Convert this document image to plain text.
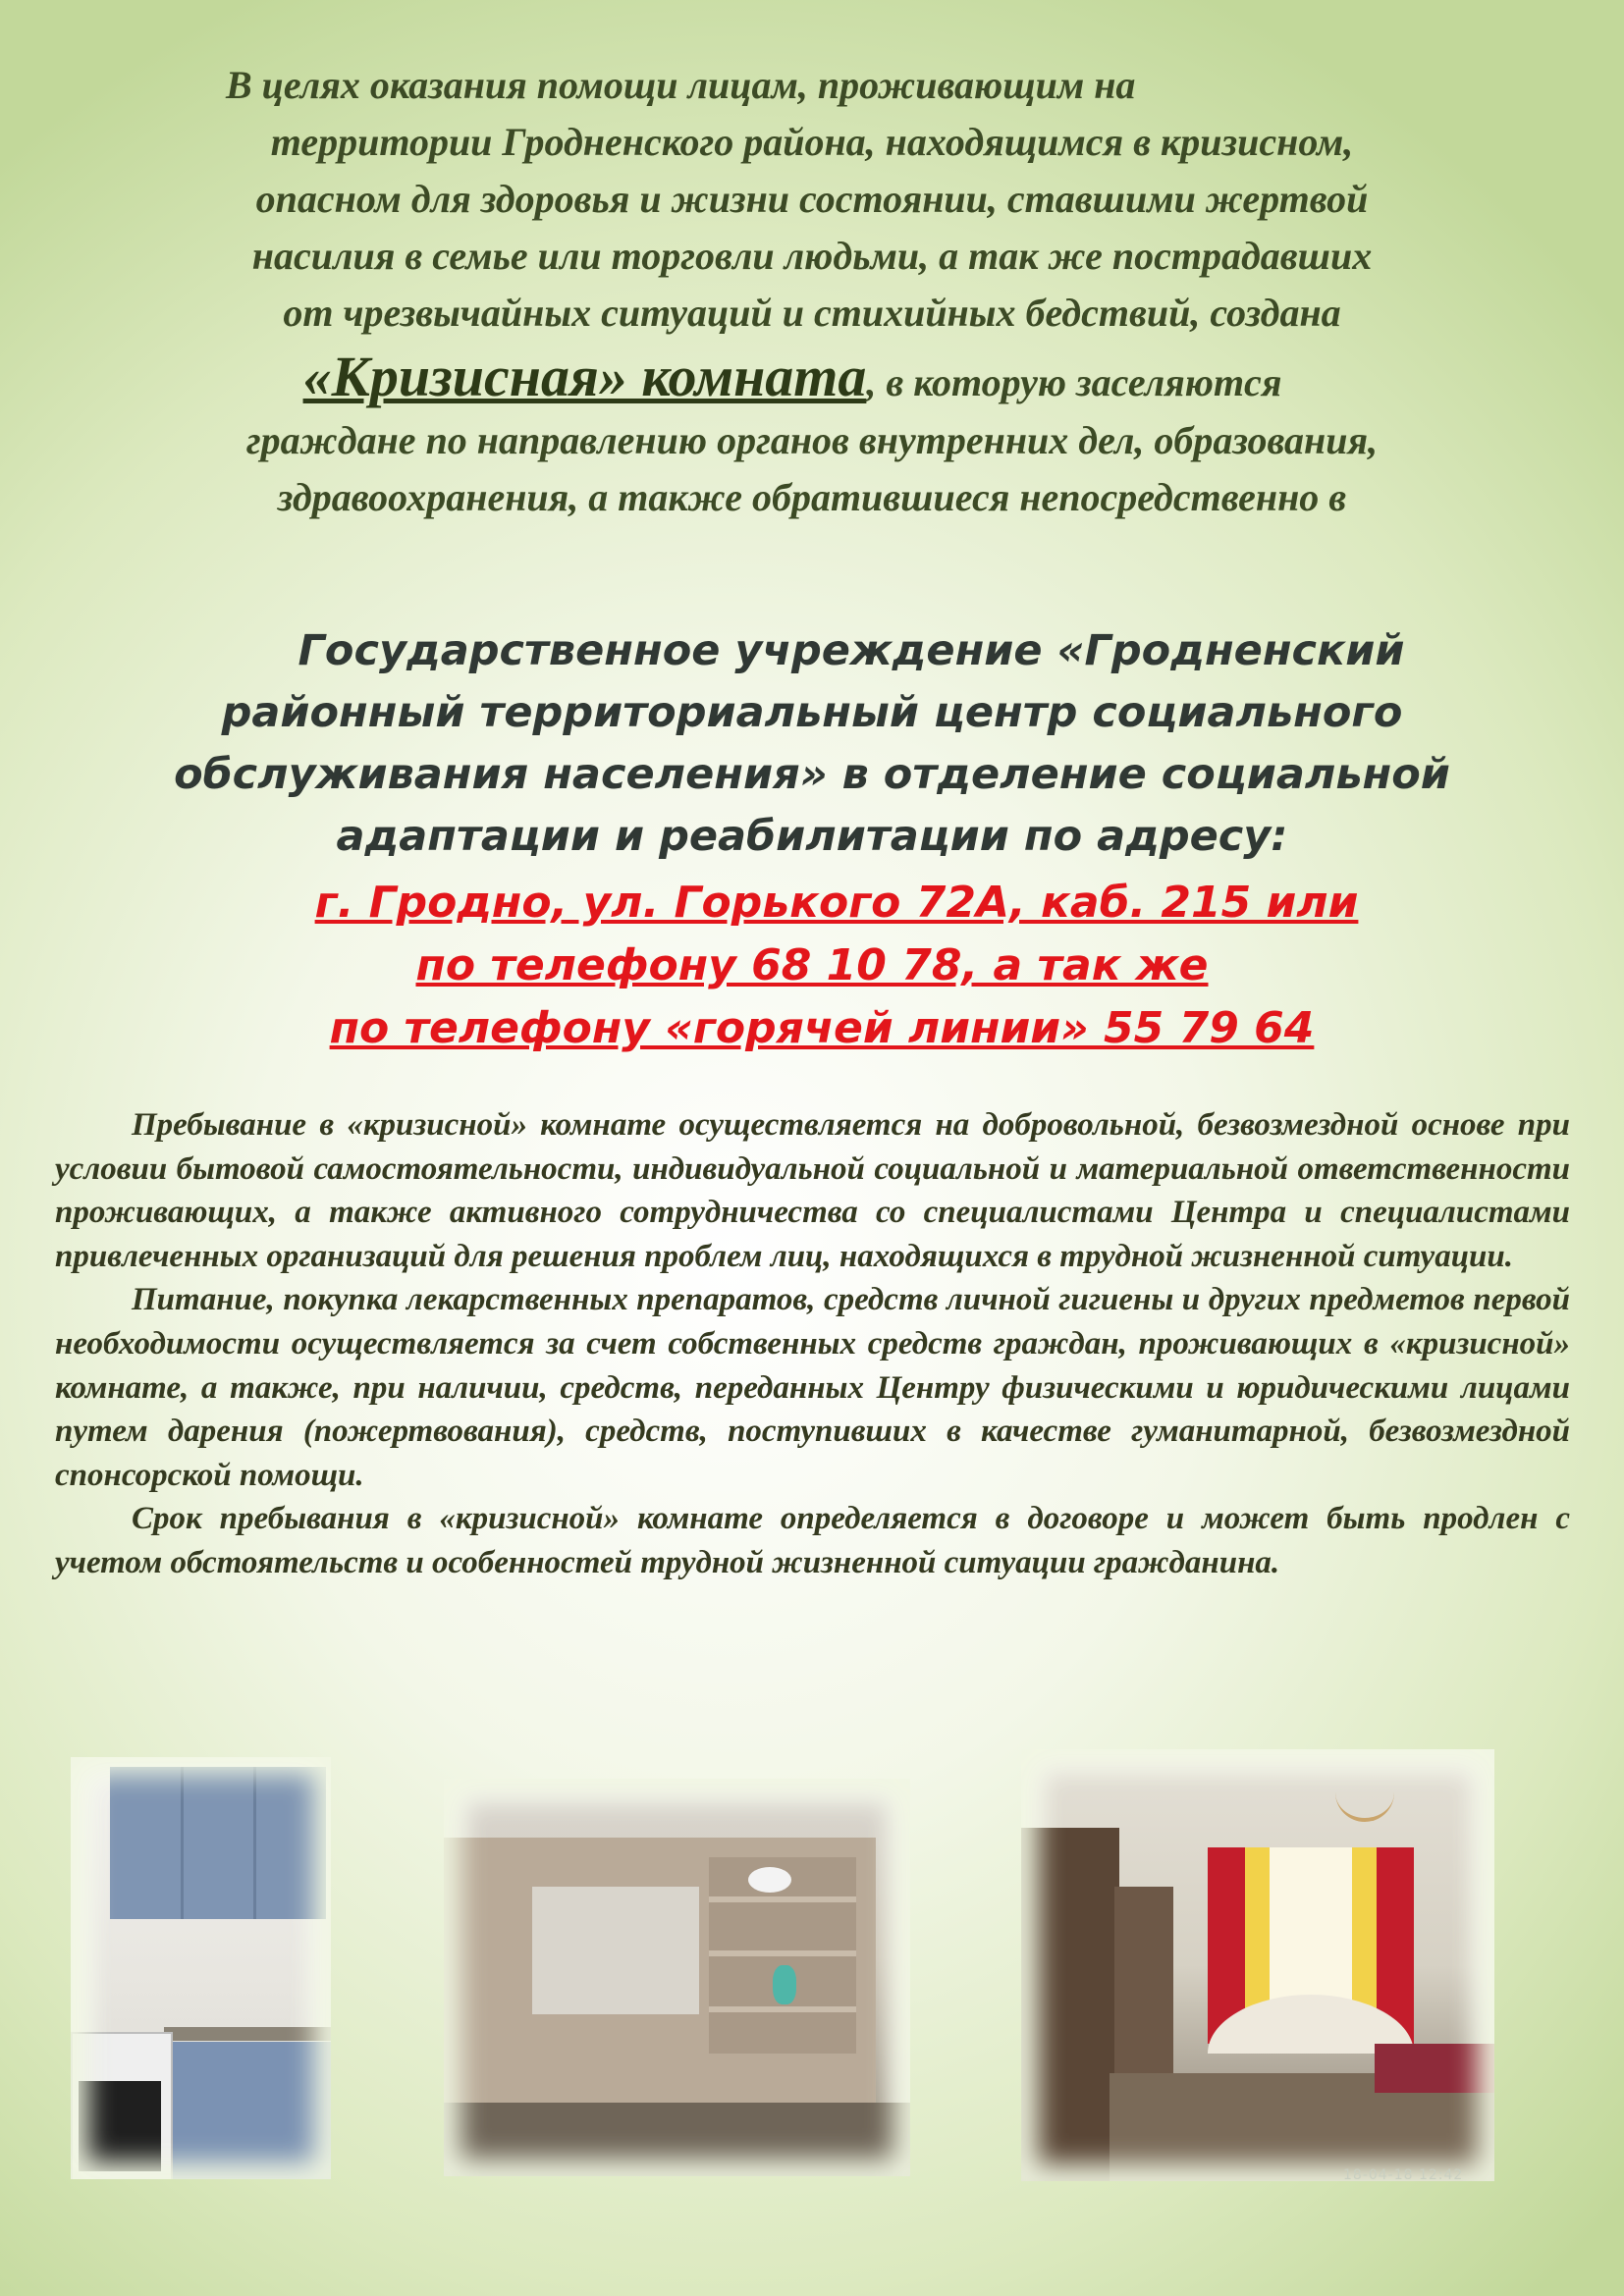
В целях оказания помощи лицам, проживающим на
территории Гродненского района, находящимся в кризисном,
опасном для здоровья и жизни состоянии, ставшими жертвой
насилия в семье или торговли людьми, а так же пострадавших
от чрезвычайных ситуаций и стихийных бедствий, создана
«Кризисная» комната, в которую заселяются
граждане по направлению органов внутренних дел, образования,
здравоохранения, а также обратившиеся непосредственно в
Государственное учреждение «Гродненский
районный территориальный центр социального
обслуживания населения» в отделение социальной
адаптации и реабилитации по адресу:
г. Гродно, ул. Горького 72А, каб. 215 или
по телефону 68 10 78, а так же
по телефону «горячей линии» 55 79 64

Пребывание в «кризисной» комнате осуществляется на добровольной, безвозмездной основе при условии бытовой самостоятельности, индивидуальной социальной и материальной ответственности проживающих, а также активного сотрудничества со специалистами Центра и специалистами привлеченных организаций для решения проблем лиц, находящихся в трудной жизненной ситуации.

Питание, покупка лекарственных препаратов, средств личной гигиены и других предметов первой необходимости осуществляется за счет собственных средств граждан, проживающих в «кризисной» комнате, а также, при наличии, средств, переданных Центру физическими и юридическими лицами путем дарения (пожертвования), средств, поступивших в качестве гуманитарной, безвозмездной спонсорской помощи.

Срок пребывания в «кризисной» комнате определяется в договоре и может быть продлен с учетом обстоятельств и особенностей трудной жизненной ситуации гражданина.

18-04-18 12:42
